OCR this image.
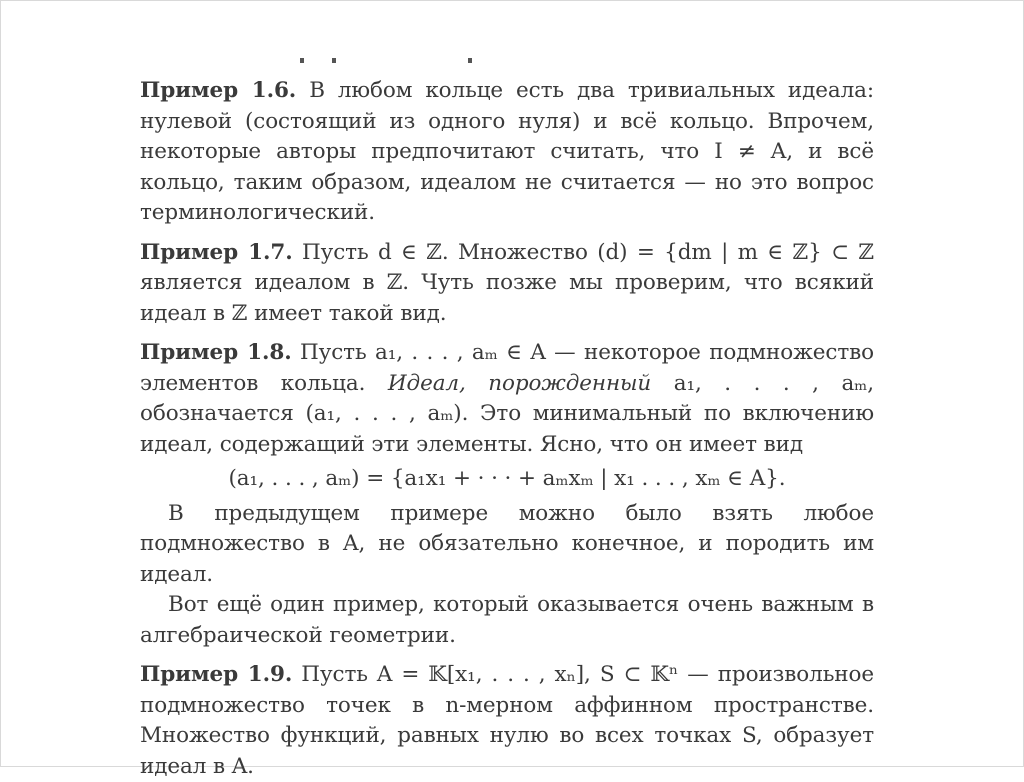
Пример 1.6. В любом кольце есть два тривиальных идеала: нулевой (состоящий из одного нуля) и всё кольцо. Впрочем, некоторые авторы предпочитают считать, что I ≠ A, и всё кольцо, таким образом, идеалом не считается — но это вопрос терминологический.

Пример 1.7. Пусть d ∈ ℤ. Множество (d) = {dm | m ∈ ℤ} ⊂ ℤ является идеалом в ℤ. Чуть позже мы проверим, что всякий идеал в ℤ имеет такой вид.

Пример 1.8. Пусть a₁, . . . , aₘ ∈ A — некоторое подмножество элементов кольца. Идеал, порожденный a₁, . . . , aₘ, обозначается (a₁, . . . , aₘ). Это минимальный по включению идеал, содержащий эти элементы. Ясно, что он имеет вид

(a₁, . . . , aₘ) = {a₁x₁ + · · · + aₘxₘ | x₁ . . . , xₘ ∈ A}.

В предыдущем примере можно было взять любое подмножество в A, не обязательно конечное, и породить им идеал.

Вот ещё один пример, который оказывается очень важным в алгебраической геометрии.

Пример 1.9. Пусть A = 𝕂[x₁, . . . , xₙ], S ⊂ 𝕂ⁿ — произвольное подмножество точек в n-мерном аффинном пространстве. Множество функций, равных нулю во всех точках S, образует идеал в A.
